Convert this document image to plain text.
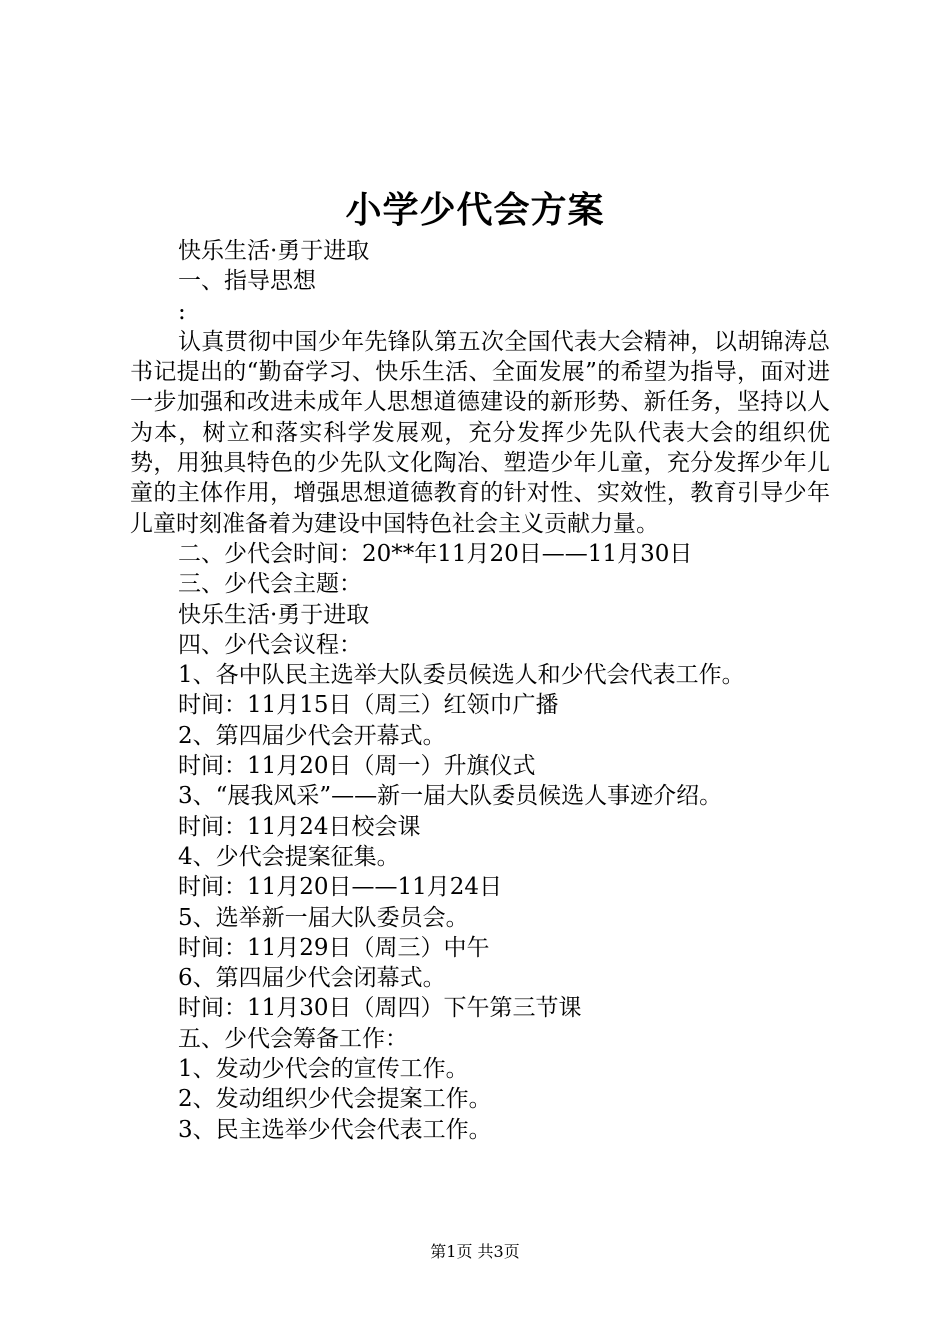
小学少代会方案
快乐生活·勇于进取
一、指导思想
:
认真贯彻中国少年先锋队第五次全国代表大会精神，以胡锦涛总书记提出的“勤奋学习、快乐生活、全面发展”的希望为指导，面对进一步加强和改进未成年人思想道德建设的新形势、新任务，坚持以人为本，树立和落实科学发展观，充分发挥少先队代表大会的组织优势，用独具特色的少先队文化陶冶、塑造少年儿童，充分发挥少年儿童的主体作用，增强思想道德教育的针对性、实效性，教育引导少年儿童时刻准备着为建设中国特色社会主义贡献力量。
二、少代会时间：20**年11月20日——11月30日
三、少代会主题：
快乐生活·勇于进取
四、少代会议程：
1、各中队民主选举大队委员候选人和少代会代表工作。
时间：11月15日（周三）红领巾广播
2、第四届少代会开幕式。
时间：11月20日（周一）升旗仪式
3、“展我风采”——新一届大队委员候选人事迹介绍。
时间：11月24日校会课
4、少代会提案征集。
时间：11月20日——11月24日
5、选举新一届大队委员会。
时间：11月29日（周三）中午
6、第四届少代会闭幕式。
时间：11月30日（周四）下午第三节课
五、少代会筹备工作：
1、发动少代会的宣传工作。
2、发动组织少代会提案工作。
3、民主选举少代会代表工作。
第1页 共3页
